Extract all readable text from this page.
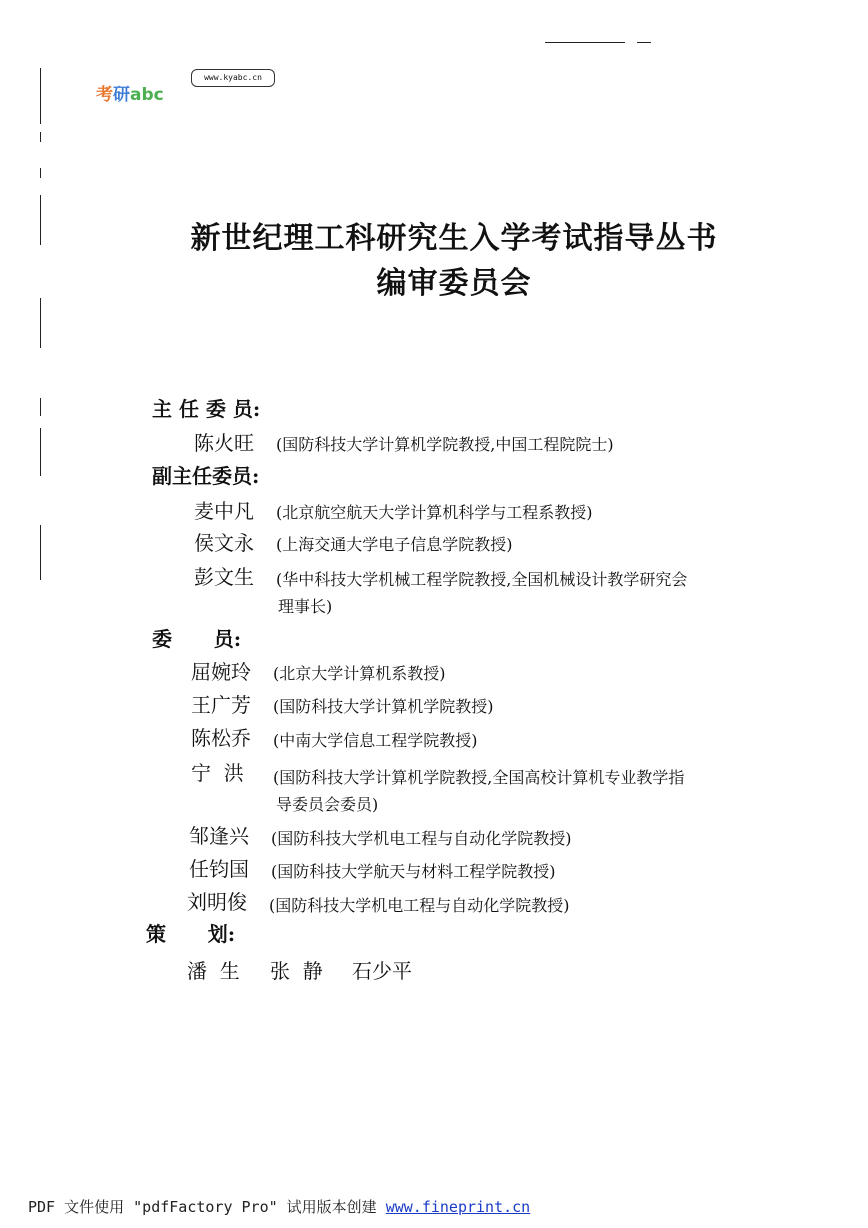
考研abc
www.kyabc.cn
新世纪理工科研究生入学考试指导丛书
编审委员会
主 任 委 员:
陈火旺 (国防科技大学计算机学院教授,中国工程院院士)
副主任委员:
麦中凡 (北京航空航天大学计算机科学与工程系教授)
侯文永 (上海交通大学电子信息学院教授)
彭文生 (华中科技大学机械工程学院教授,全国机械设计教学研究会
理事长)
委      员:
屈婉玲 (北京大学计算机系教授)
王广芳 (国防科技大学计算机学院教授)
陈松乔 (中南大学信息工程学院教授)
宁  洪 (国防科技大学计算机学院教授,全国高校计算机专业教学指
导委员会委员)
邹逢兴 (国防科技大学机电工程与自动化学院教授)
任钧国 (国防科技大学航天与材料工程学院教授)
刘明俊 (国防科技大学机电工程与自动化学院教授)
策      划:
潘  生 张  静 石少平
PDF 文件使用 "pdfFactory Pro" 试用版本创建 www.fineprint.cn
